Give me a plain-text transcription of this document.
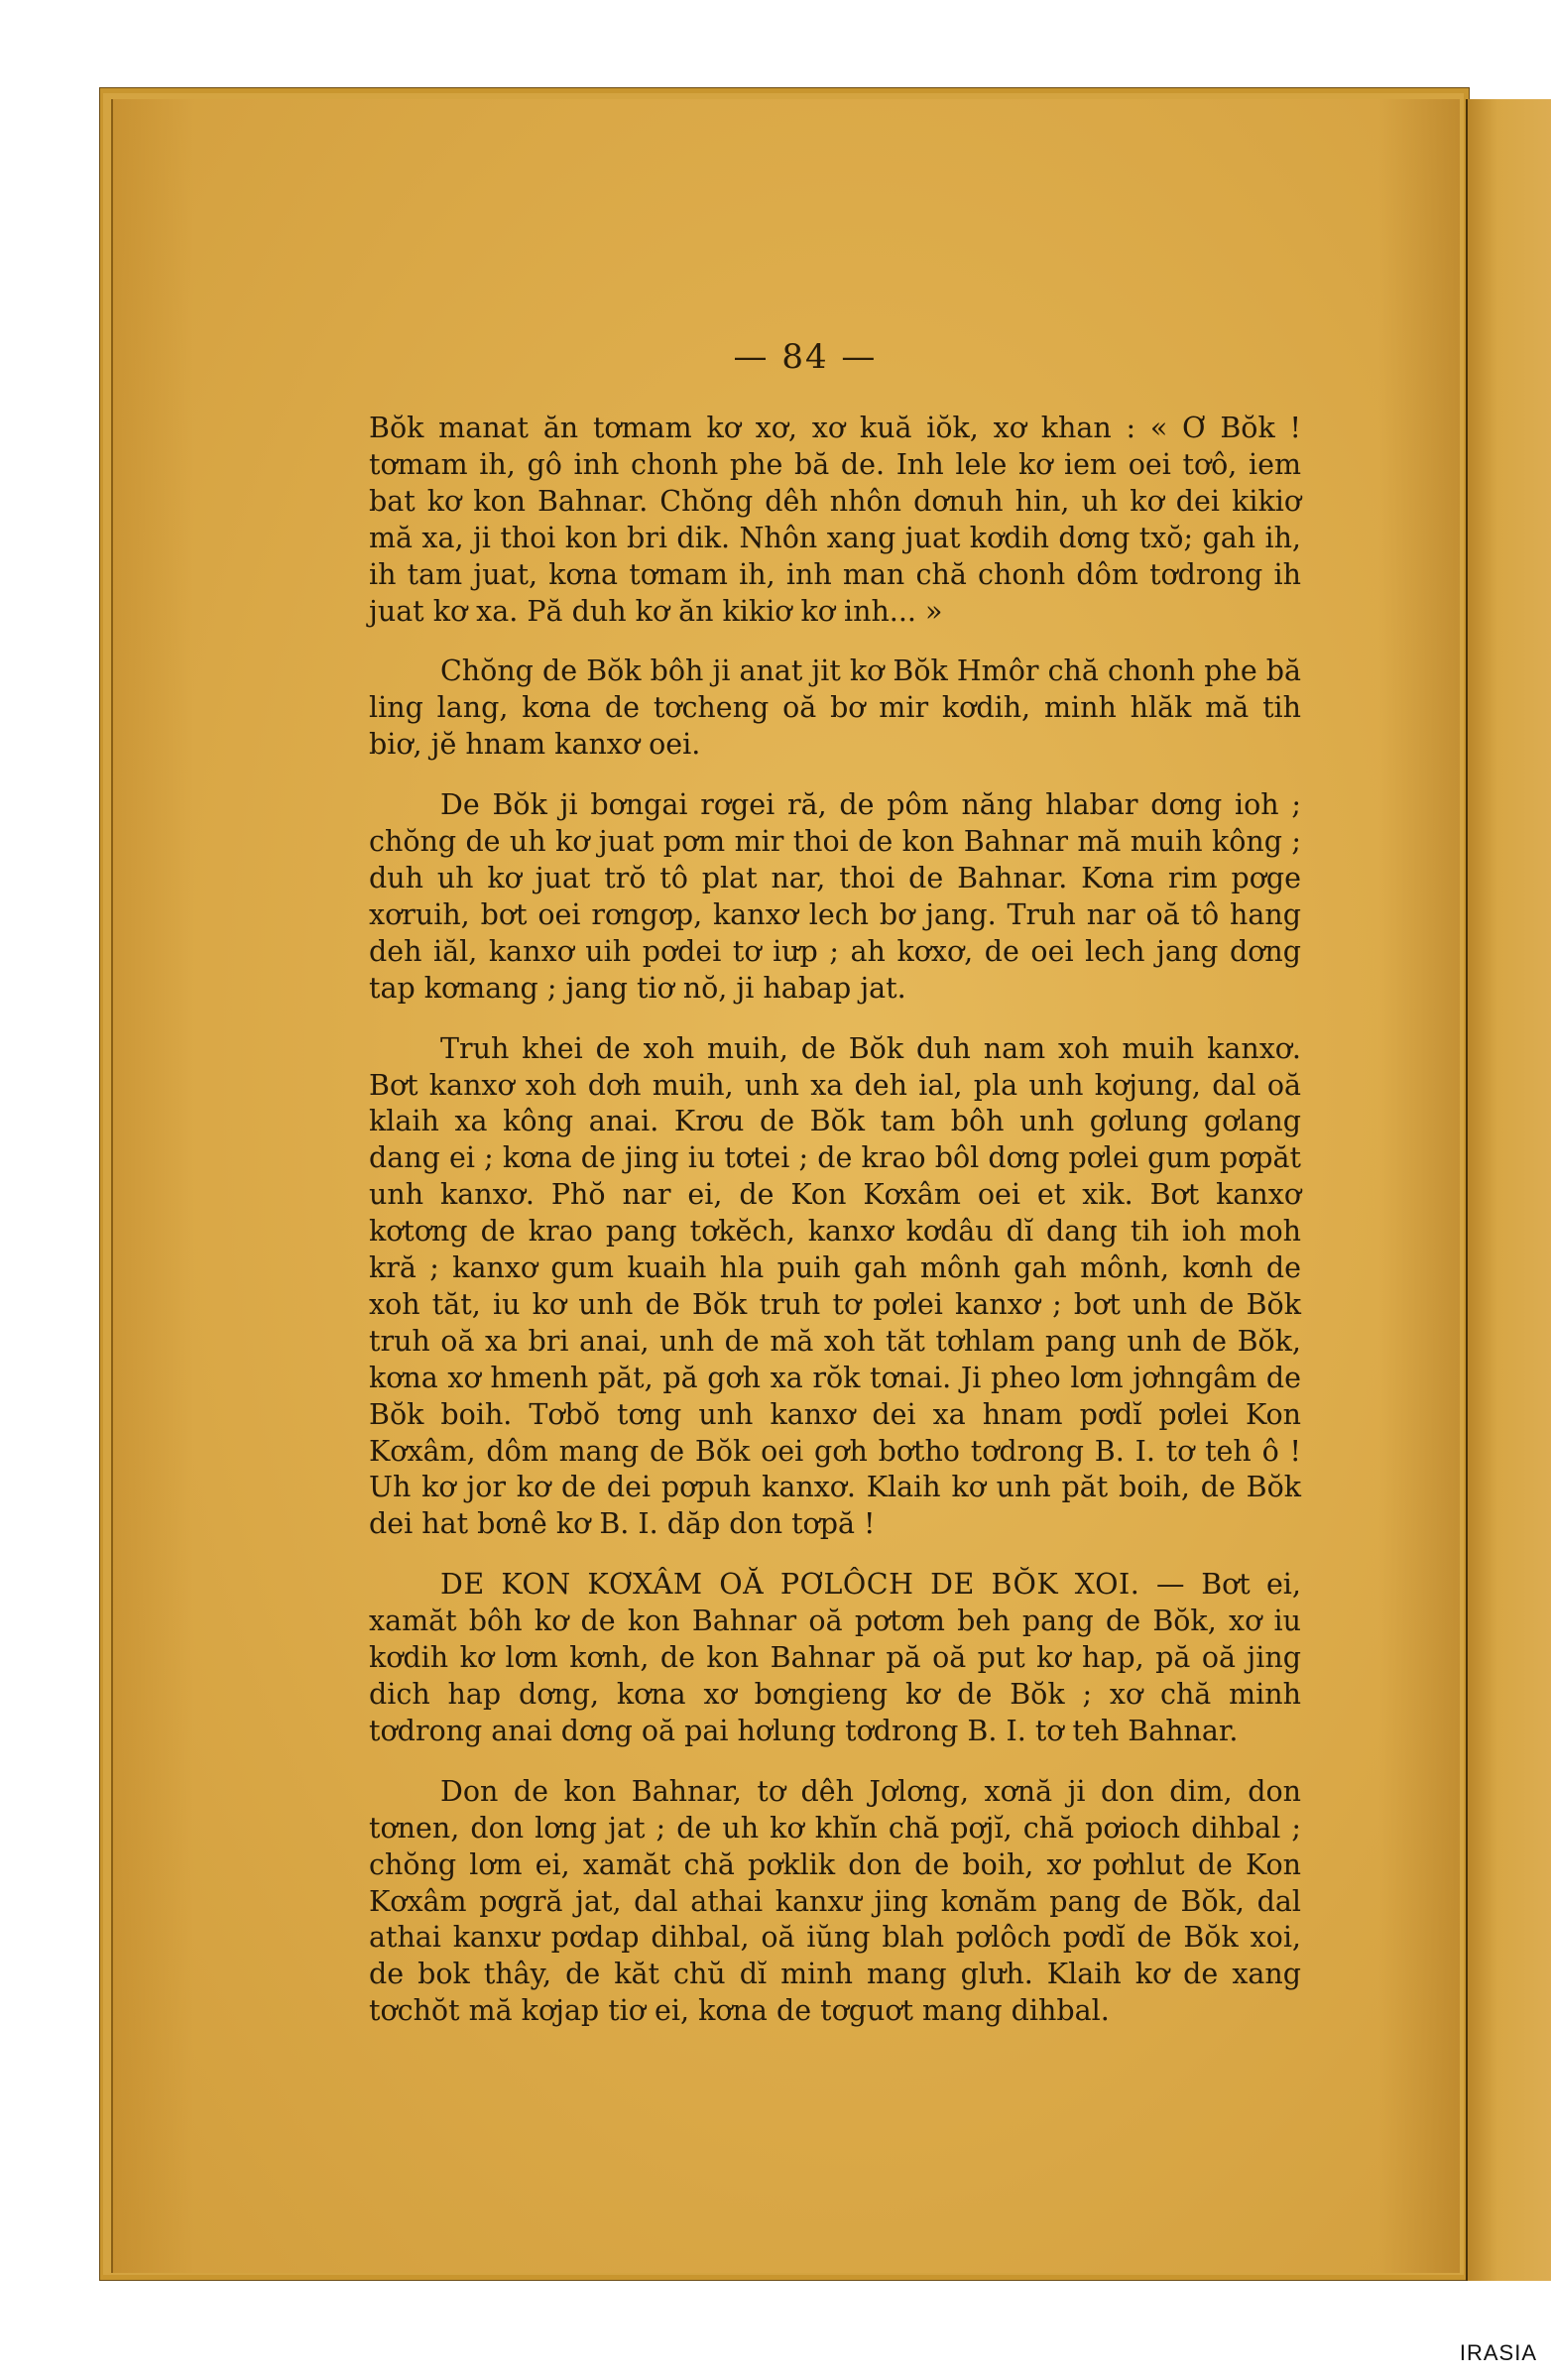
— 84 —

Bŏk manat ăn tơmam kơ xơ, xơ kuă iŏk, xơ khan : « Ơ Bŏk ! tơmam ih, gô inh chonh phe bă de. Inh lele kơ iem oei tơô, iem bat kơ kon Bahnar. Chŏng dêh nhôn dơnuh hin, uh kơ dei kikiơ mă xa, ji thoi kon bri dik. Nhôn xang juat kơdih dơng txŏ; gah ih, ih tam juat, kơna tơmam ih, inh man chă chonh dôm tơdrong ih juat kơ xa. Pă duh kơ ăn kikiơ kơ inh... »

Chŏng de Bŏk bôh ji anat jit kơ Bŏk Hmôr chă chonh phe bă ling lang, kơna de tơcheng oă bơ mir kơdih, minh hlăk mă tih biơ, jĕ hnam kanxơ oei.

De Bŏk ji bơngai rơgei ră, de pôm năng hlabar dơng ioh ; chŏng de uh kơ juat pơm mir thoi de kon Bahnar mă muih kông ; duh uh kơ juat trŏ tô plat nar, thoi de Bahnar. Kơna rim pơge xơruih, bơt oei rơngơp, kanxơ lech bơ jang. Truh nar oă tô hang deh iăl, kanxơ uih pơdei tơ iưp ; ah kơxơ, de oei lech jang dơng tap kơmang ; jang tiơ nŏ, ji habap jat.

Truh khei de xoh muih, de Bŏk duh nam xoh muih kanxơ. Bơt kanxơ xoh dơh muih, unh xa deh ial, pla unh kơjung, dal oă klaih xa kông anai. Krơu de Bŏk tam bôh unh gơlung gơlang dang ei ; kơna de jing iu tơtei ; de krao bôl dơng pơlei gum pơpăt unh kanxơ. Phŏ nar ei, de Kon Kơxâm oei et xik. Bơt kanxơ kơtơng de krao pang tơkĕch, kanxơ kơdâu dĭ dang tih ioh moh kră ; kanxơ gum kuaih hla puih gah mônh gah mônh, kơnh de xoh tăt, iu kơ unh de Bŏk truh tơ pơlei kanxơ ; bơt unh de Bŏk truh oă xa bri anai, unh de mă xoh tăt tơhlam pang unh de Bŏk, kơna xơ hmenh păt, pă gơh xa rŏk tơnai. Ji pheo lơm jơhngâm de Bŏk boih. Tơbŏ tơng unh kanxơ dei xa hnam pơdĭ pơlei Kon Kơxâm, dôm mang de Bŏk oei gơh bơtho tơdrong B. I. tơ teh ô ! Uh kơ jor kơ de dei pơpuh kanxơ. Klaih kơ unh păt boih, de Bŏk dei hat bơnê kơ B. I. dăp don tơpă !

DE KON KƠXÂM OĂ PƠLÔCH DE BŎK XOI. — Bơt ei, xamăt bôh kơ de kon Bahnar oă pơtơm beh pang de Bŏk, xơ iu kơdih kơ lơm kơnh, de kon Bahnar pă oă put kơ hap, pă oă jing dich hap dơng, kơna xơ bơngieng kơ de Bŏk ; xơ chă minh tơdrong anai dơng oă pai hơlung tơdrong B. I. tơ teh Bahnar.

Don de kon Bahnar, tơ dêh Jơlơng, xơnă ji don dim, don tơnen, don lơng jat ; de uh kơ khĭn chă pơjĭ, chă pơioch dihbal ; chŏng lơm ei, xamăt chă pơklik don de boih, xơ pơhlut de Kon Kơxâm pơgră jat, dal athai kanxư jing kơnăm pang de Bŏk, dal athai kanxư pơdap dihbal, oă iŭng blah pơlôch pơdĭ de Bŏk xoi, de bok thây, de kăt chŭ dĭ minh mang glưh. Klaih kơ de xang tơchŏt mă kơjap tiơ ei, kơna de tơguơt mang dihbal.

IRASIA
